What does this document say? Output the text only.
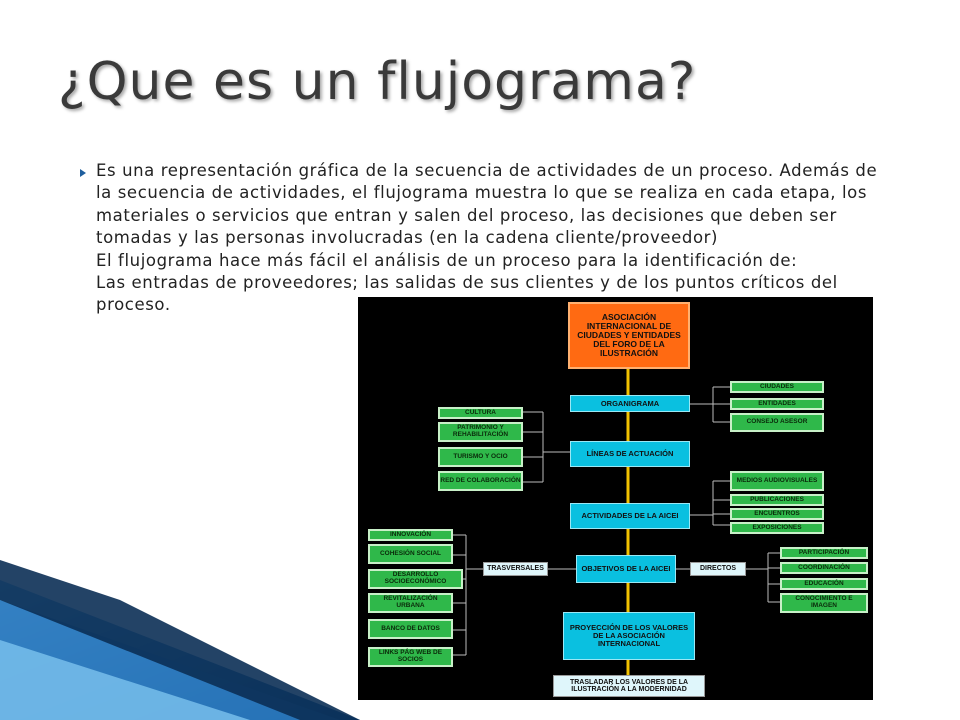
¿Que es un flujograma?

Es una representación gráfica de la secuencia de actividades de un proceso. Además de
la secuencia de actividades, el flujograma muestra lo que se realiza en cada etapa, los
materiales o servicios que entran y salen del proceso, las decisiones que deben ser
tomadas y las personas involucradas (en la cadena cliente/proveedor)
El flujograma hace más fácil el análisis de un proceso para la identificación de:
Las entradas de proveedores; las salidas de sus clientes y de los puntos críticos del
proceso.

ASOCIACIÓN INTERNACIONAL DE CIUDADES Y ENTIDADES DEL FORO DE LA ILUSTRACIÓN
ORGANIGRAMA
LÍNEAS DE ACTUACIÓN
ACTIVIDADES DE LA AICEI
OBJETIVOS DE LA AICEI
PROYECCIÓN DE LOS VALORES DE LA ASOCIACIÓN INTERNACIONAL
TRASLADAR LOS VALORES DE LA ILUSTRACIÓN A LA MODERNIDAD
TRASVERSALES	DIRECTOS
CIUDADES
ENTIDADES
CONSEJO ASESOR
CULTURA
PATRIMONIO Y REHABILITACIÓN
TURISMO Y OCIO
RED DE COLABORACIÓN	MEDIOS AUDIOVISUALES
PUBLICACIONES
ENCUENTROS
EXPOSICIONES
INNOVACIÓN
COHESIÓN SOCIAL
DESARROLLO SOCIOECONÓMICO
REVITALIZACIÓN URBANA
BANCO DE DATOS
LINKS PÁG WEB DE SOCIOS
PARTICIPACIÓN
COORDINACIÓN
EDUCACIÓN
CONOCIMIENTO E IMAGEN
